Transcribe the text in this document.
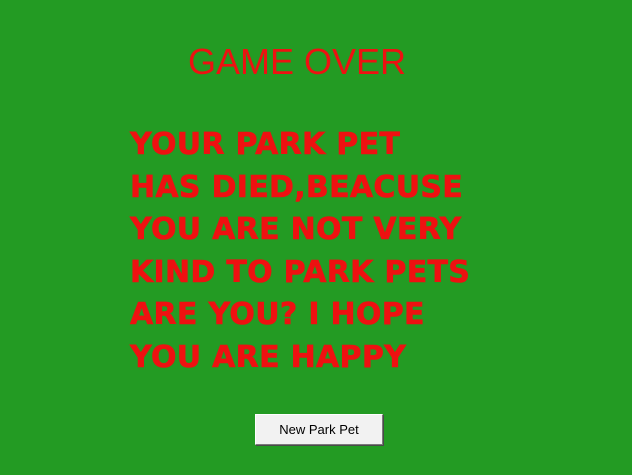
GAME OVER
YOUR PARK PET
HAS DIED,BEACUSE
YOU ARE NOT VERY
KIND TO PARK PETS
ARE YOU? I HOPE
YOU ARE HAPPY
New Park Pet
